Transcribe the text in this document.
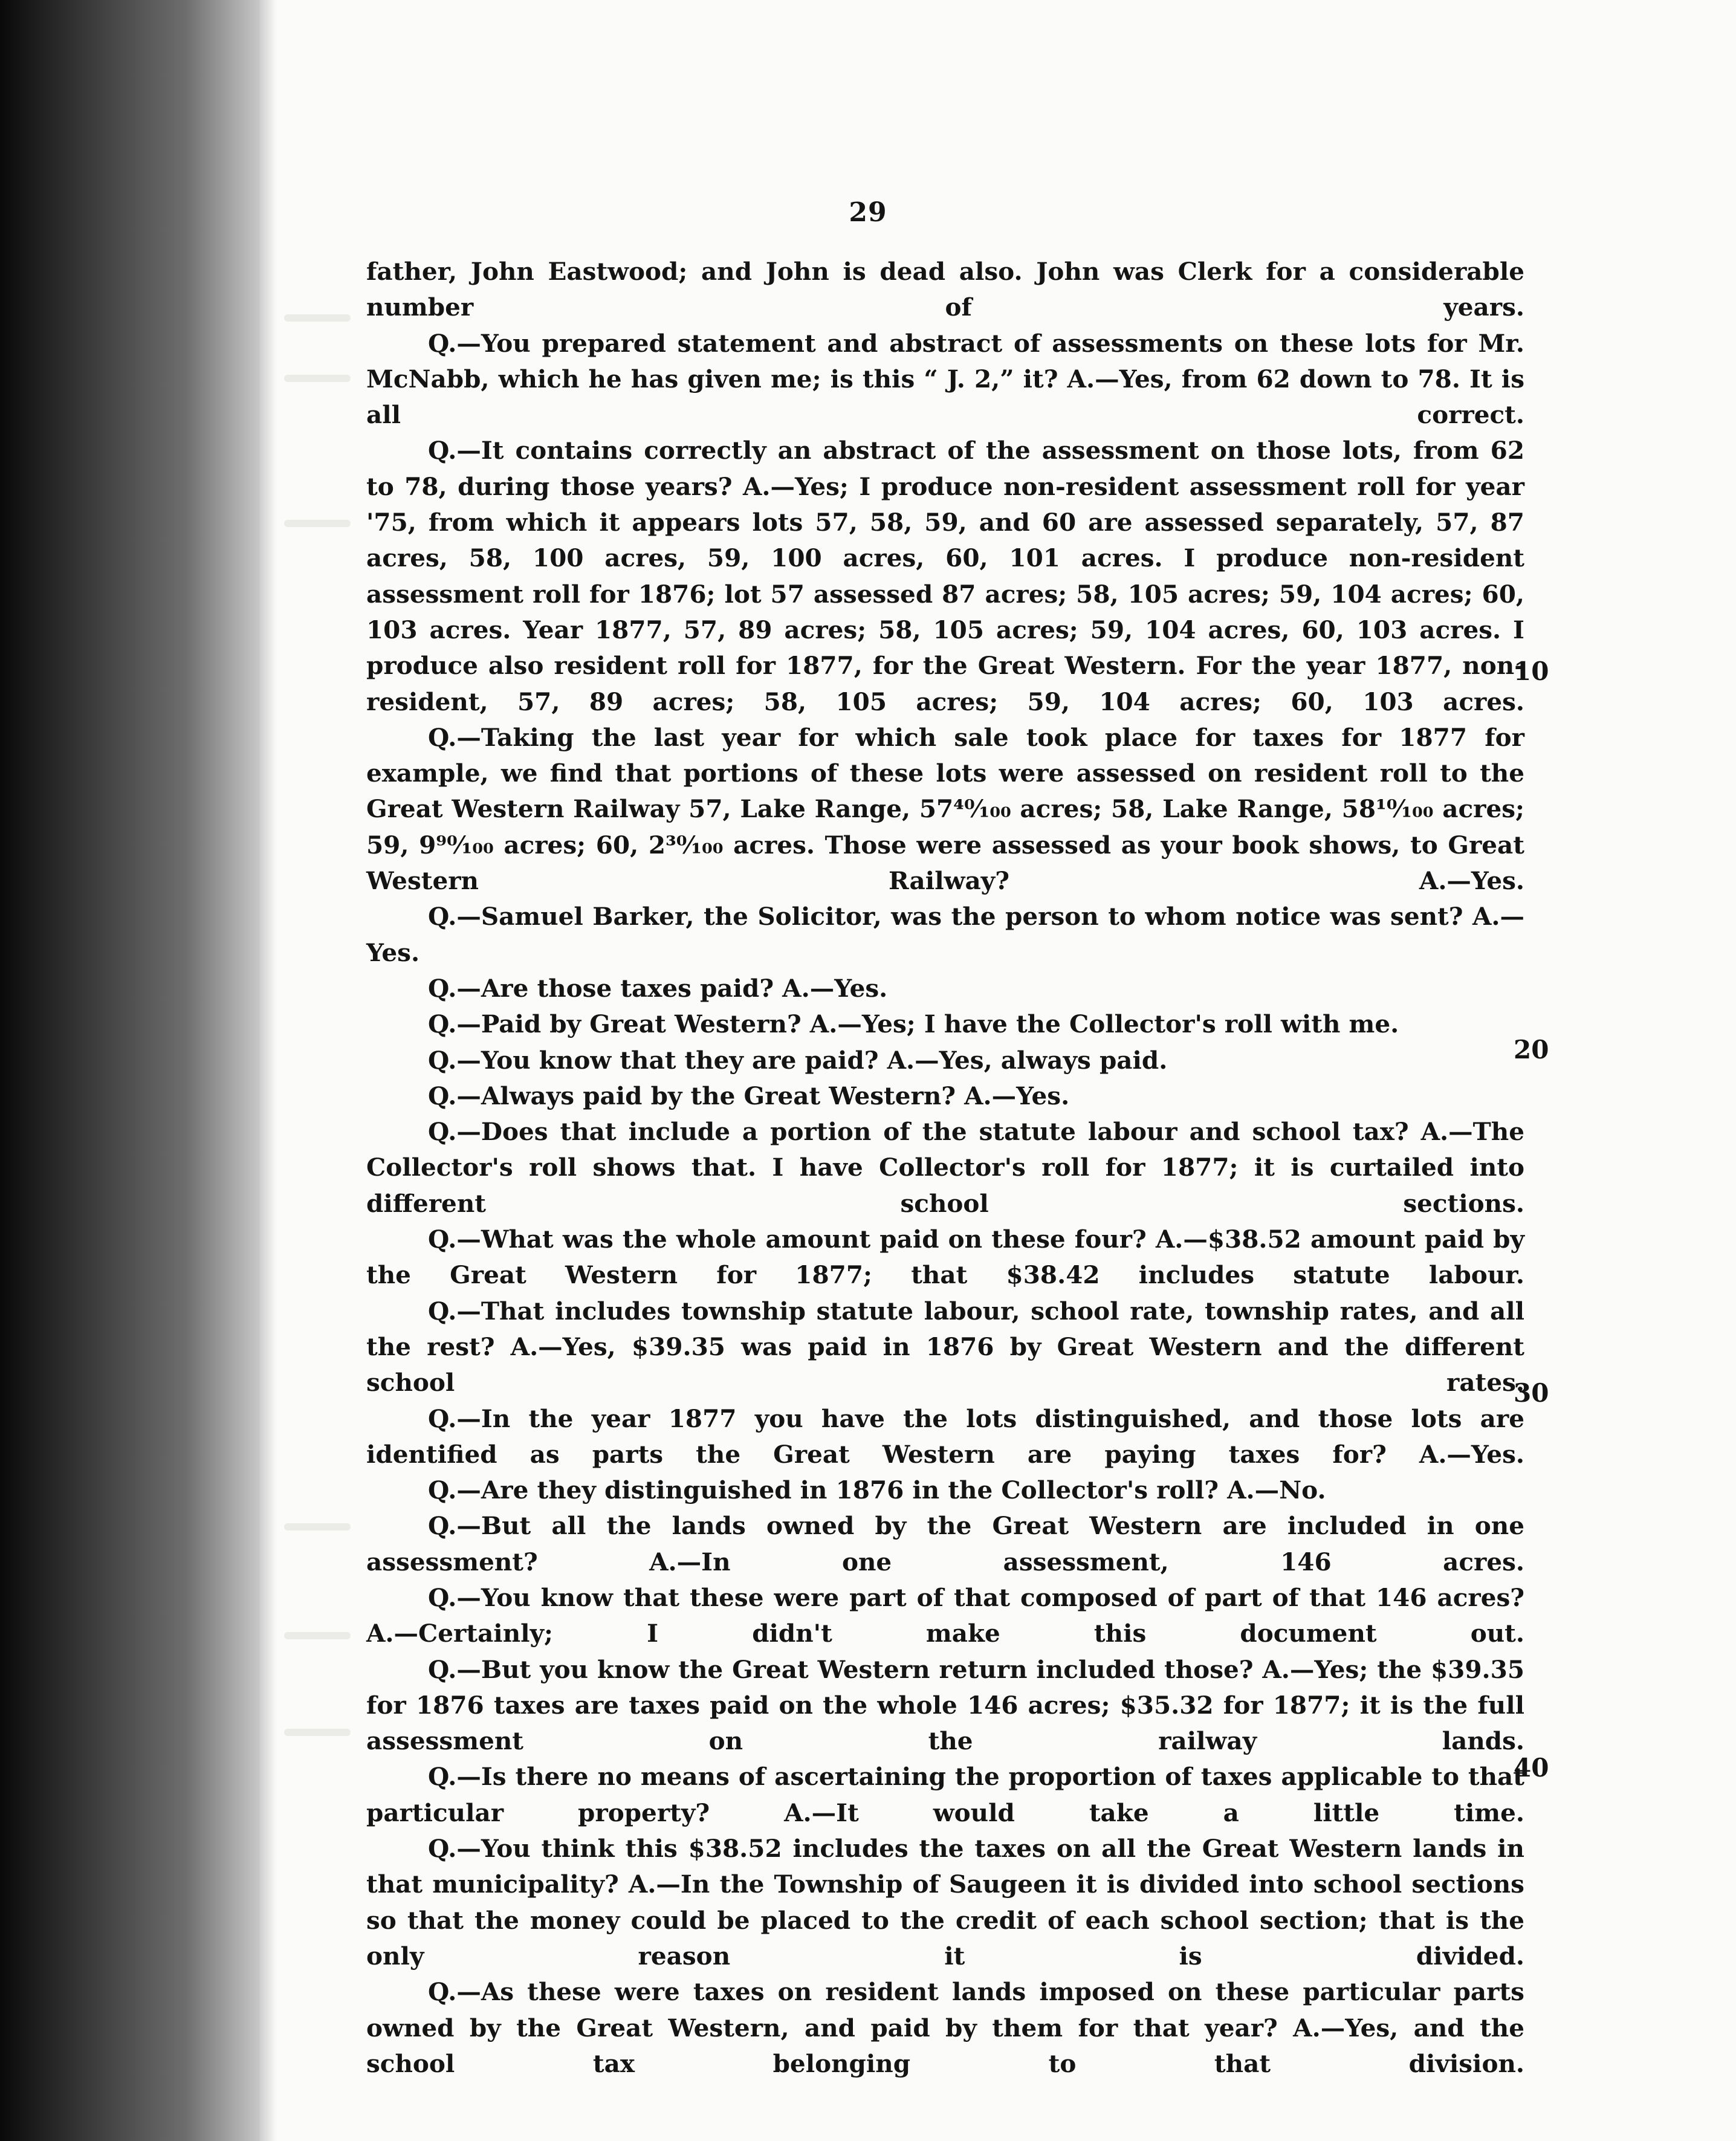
29

father, John Eastwood; and John is dead also. John was Clerk for a considerable number of years.

Q.—You prepared statement and abstract of assessments on these lots for Mr. McNabb, which he has given me; is this “ J. 2,” it? A.—Yes, from 62 down to 78. It is all correct.

Q.—It contains correctly an abstract of the assessment on those lots, from 62 to 78, during those years? A.—Yes; I produce non-resident assessment roll for year '75, from which it appears lots 57, 58, 59, and 60 are assessed separately, 57, 87 acres, 58, 100 acres, 59, 100 acres, 60, 101 acres. I produce non-resident assessment roll for 1876; lot 57 assessed 87 acres; 58, 105 acres; 59, 104 acres; 60, 103 acres. Year 1877, 57, 89 acres; 58, 105 acres; 59, 104 acres, 60, 103 acres. I produce also resident roll for 1877, for the Great Western. For the year 1877, non-resident, 57, 89 acres; 58, 105 acres; 59, 104 acres; 60, 103 acres.

Q.—Taking the last year for which sale took place for taxes for 1877 for example, we find that portions of these lots were assessed on resident roll to the Great Western Railway 57, Lake Range, 57⁴⁰⁄₁₀₀ acres; 58, Lake Range, 58¹⁰⁄₁₀₀ acres; 59, 9⁹⁰⁄₁₀₀ acres; 60, 2³⁰⁄₁₀₀ acres. Those were assessed as your book shows, to Great Western Railway? A.—Yes.

Q.—Samuel Barker, the Solicitor, was the person to whom notice was sent? A.—Yes.

Q.—Are those taxes paid? A.—Yes.

Q.—Paid by Great Western? A.—Yes; I have the Collector's roll with me.

Q.—You know that they are paid? A.—Yes, always paid.

Q.—Always paid by the Great Western? A.—Yes.

Q.—Does that include a portion of the statute labour and school tax? A.—The Collector's roll shows that. I have Collector's roll for 1877; it is curtailed into different school sections.

Q.—What was the whole amount paid on these four? A.—$38.52 amount paid by the Great Western for 1877; that $38.42 includes statute labour.

Q.—That includes township statute labour, school rate, township rates, and all the rest? A.—Yes, $39.35 was paid in 1876 by Great Western and the different school rates.

Q.—In the year 1877 you have the lots distinguished, and those lots are identified as parts the Great Western are paying taxes for? A.—Yes.

Q.—Are they distinguished in 1876 in the Collector's roll? A.—No.

Q.—But all the lands owned by the Great Western are included in one assessment? A.—In one assessment, 146 acres.

Q.—You know that these were part of that composed of part of that 146 acres? A.—Certainly; I didn't make this document out.

Q.—But you know the Great Western return included those? A.—Yes; the $39.35 for 1876 taxes are taxes paid on the whole 146 acres; $35.32 for 1877; it is the full assessment on the railway lands.

Q.—Is there no means of ascertaining the proportion of taxes applicable to that particular property? A.—It would take a little time.

Q.—You think this $38.52 includes the taxes on all the Great Western lands in that municipality? A.—In the Township of Saugeen it is divided into school sections so that the money could be placed to the credit of each school section; that is the only reason it is divided.

Q.—As these were taxes on resident lands imposed on these particular parts owned by the Great Western, and paid by them for that year? A.—Yes, and the school tax belonging to that division.

10
20
30
40
